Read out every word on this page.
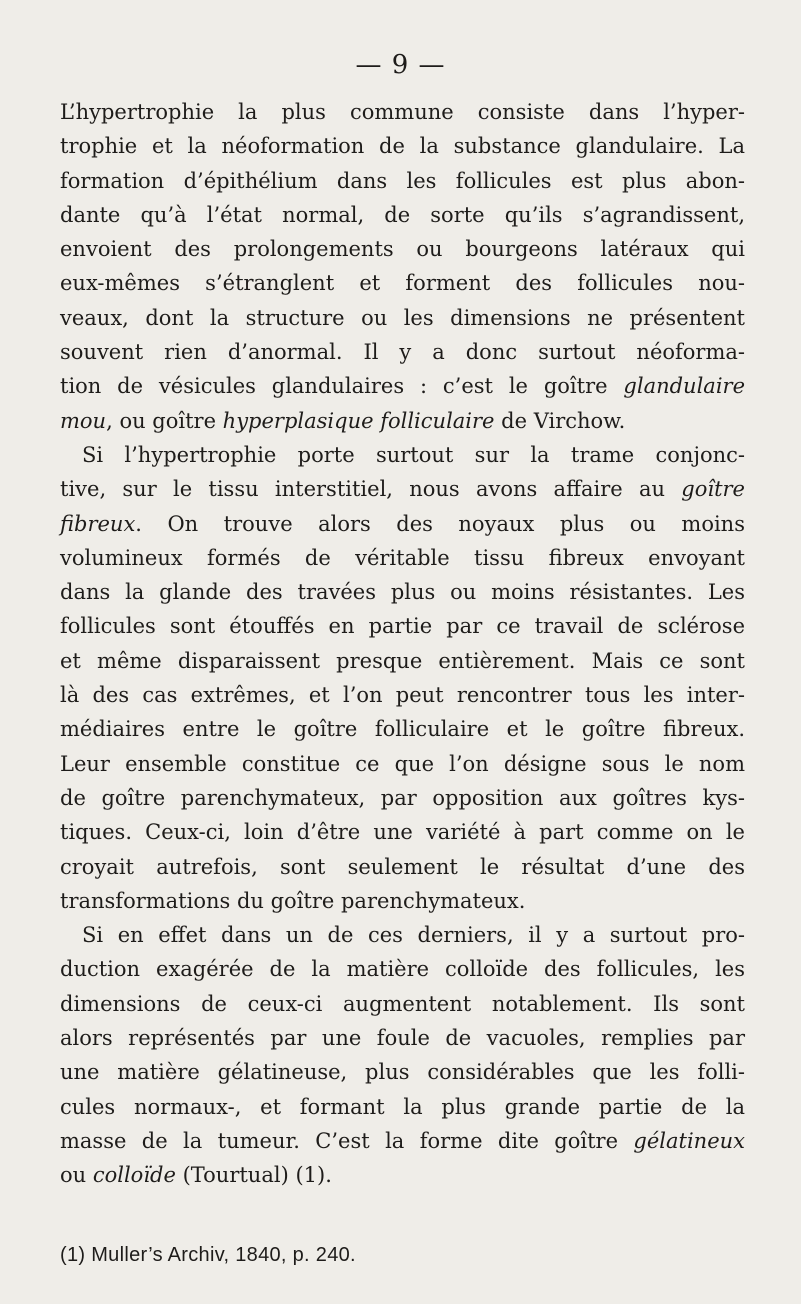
— 9 —
L’hypertrophie la plus commune consiste dans l’hyper-
trophie et la néoformation de la substance glandulaire. La
formation d’épithélium dans les follicules est plus abon-
dante qu’à l’état normal, de sorte qu’ils s’agrandissent,
envoient des prolongements ou bourgeons latéraux qui
eux-mêmes s’étranglent et forment des follicules nou-
veaux, dont la structure ou les dimensions ne présentent
souvent rien d’anormal. Il y a donc surtout néoforma-
tion de vésicules glandulaires : c’est le goître glandulaire
mou, ou goître hyperplasique folliculaire de Virchow.
Si l’hypertrophie porte surtout sur la trame conjonc-
tive, sur le tissu interstitiel, nous avons affaire au goître
fibreux. On trouve alors des noyaux plus ou moins
volumineux formés de véritable tissu fibreux envoyant
dans la glande des travées plus ou moins résistantes. Les
follicules sont étouffés en partie par ce travail de sclérose
et même disparaissent presque entièrement. Mais ce sont
là des cas extrêmes, et l’on peut rencontrer tous les inter-
médiaires entre le goître folliculaire et le goître fibreux.
Leur ensemble constitue ce que l’on désigne sous le nom
de goître parenchymateux, par opposition aux goîtres kys-
tiques. Ceux-ci, loin d’être une variété à part comme on le
croyait autrefois, sont seulement le résultat d’une des
transformations du goître parenchymateux.
Si en effet dans un de ces derniers, il y a surtout pro-
duction exagérée de la matière colloïde des follicules, les
dimensions de ceux-ci augmentent notablement. Ils sont
alors représentés par une foule de vacuoles, remplies par
une matière gélatineuse, plus considérables que les folli-
cules normaux-, et formant la plus grande partie de la
masse de la tumeur. C’est la forme dite goître gélatineux
ou colloïde (Tourtual) (1).
(1) Muller’s Archiv, 1840, p. 240.
